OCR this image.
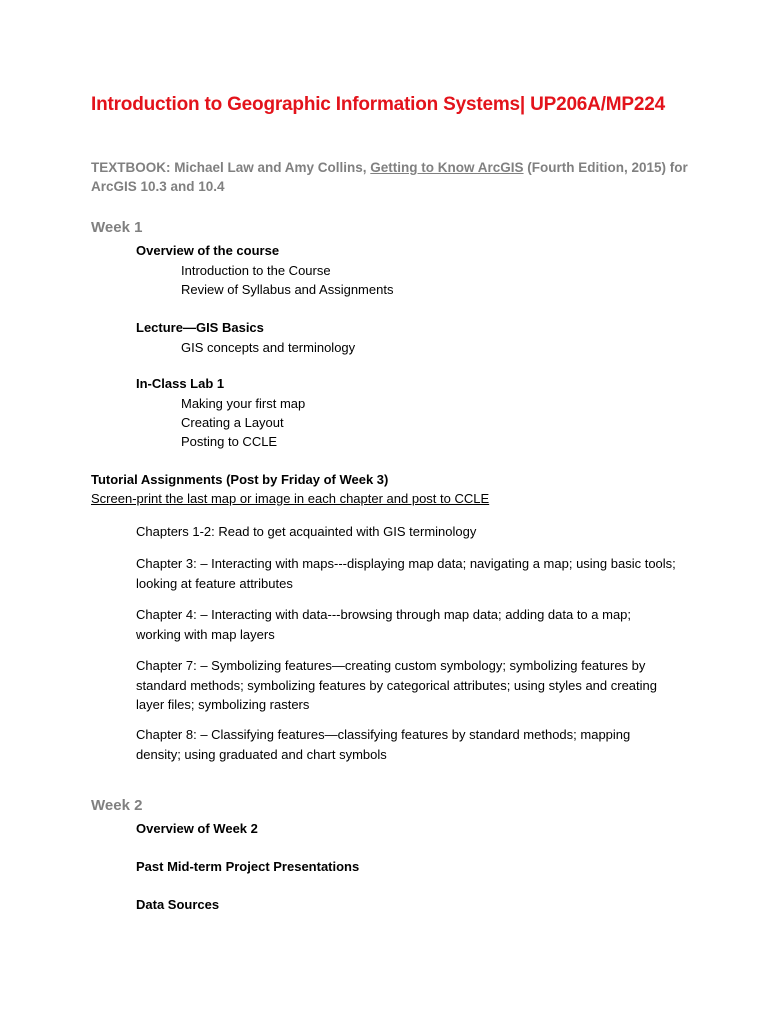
Introduction to Geographic Information Systems| UP206A/MP224
TEXTBOOK: Michael Law and Amy Collins, Getting to Know ArcGIS (Fourth Edition, 2015) for ArcGIS 10.3 and 10.4
Week 1
Overview of the course
Introduction to the Course
Review of Syllabus and Assignments
Lecture—GIS Basics
GIS concepts and terminology
In-Class Lab 1
Making your first map
Creating a Layout
Posting to CCLE
Tutorial Assignments (Post by Friday of Week 3)
Screen-print the last map or image in each chapter and post to CCLE
Chapters 1-2: Read to get acquainted with GIS terminology
Chapter 3: – Interacting with maps---displaying map data; navigating a map; using basic tools; looking at feature attributes
Chapter 4: – Interacting with data---browsing through map data; adding data to a map; working with map layers
Chapter 7: – Symbolizing features—creating custom symbology; symbolizing features by standard methods; symbolizing features by categorical attributes; using styles and creating layer files; symbolizing rasters
Chapter 8: – Classifying features—classifying features by standard methods; mapping density; using graduated and chart symbols
Week 2
Overview of Week 2
Past Mid-term Project Presentations
Data Sources
